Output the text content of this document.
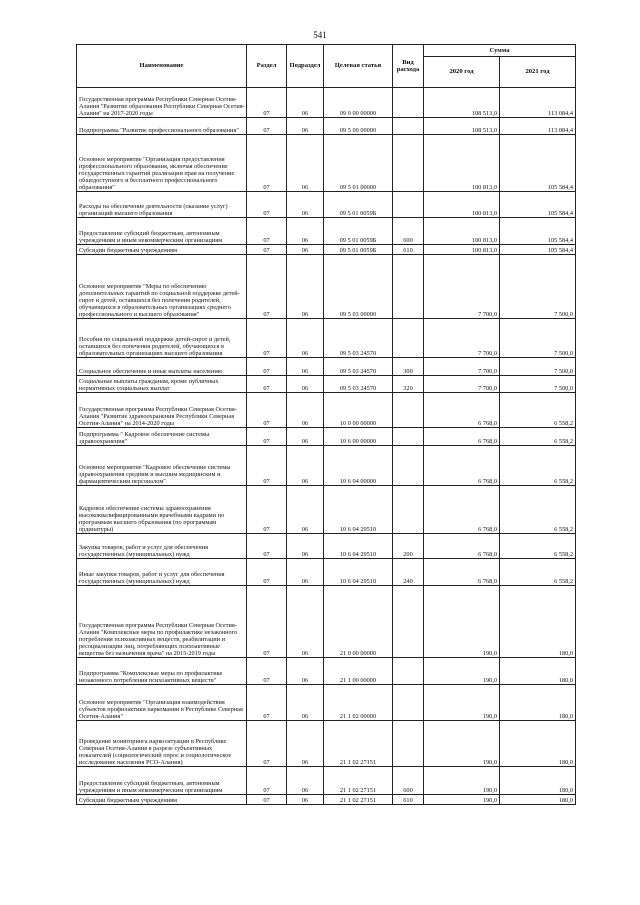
541
Наименование	Раздел	Подраздел	Целевая статья	Вид расхода	Сумма	
					2020 год	2021 год
Государственная программа Республики Северная Осетия-Алания "Развитие образования Республики Северная Осетия-Алания" на 2017-2020 годы	07	06	09 0 00 00000		108 513,0	113 084,4
Подпрограмма "Развитие профессионального образования"	07	06	09 5 00 00000		108 513,0	113 084,4
Основное мероприятие "Организация предоставления профессионального образования, включая обеспечение государственных гарантий реализации прав на получение общедоступного и бесплатного профессионального образования"	07	06	09 5 01 00000		100 813,0	105 584,4
Расходы на обеспечение деятельности (оказание услуг) организаций высшего образования	07	06	09 5 01 0059Б		100 813,0	105 584,4
Предоставление субсидий бюджетным, автономным учреждениям и иным некоммерческим организациям	07	06	09 5 01 0059Б	600	100 813,0	105 584,4
Субсидии бюджетным учреждениям	07	06	09 5 01 0059Б	610	100 813,0	105 584,4
Основное мероприятие "Меры по обеспечению дополнительных гарантий по социальной поддержке детей-сирот и детей, оставшихся без попечения родителей, обучающихся в образовательных организациях среднего профессионального и высшего образования"	07	06	09 5 03 00000		7 700,0	7 500,0
Пособия по социальной поддержке детей-сирот и детей, оставшихся без попечения родителей, обучающихся в образовательных организациях высшего образования	07	06	09 5 03 24570		7 700,0	7 500,0
Социальное обеспечение и иные выплаты населению	07	06	09 5 03 24570	300	7 700,0	7 500,0
Социальные выплаты гражданам, кроме публичных нормативных социальных выплат	07	06	09 5 03 24570	320	7 700,0	7 500,0
Государственная программа Республики Северная Осетия-Алания "Развитие здравоохранения Республики Северная Осетия-Алания" на 2014-2020 годы	07	06	10 0 00 00000		6 768,0	6 558,2
Подпрограмма " Кадровое обеспечение системы здравоохранения"	07	06	10 6 00 00000		6 768,0	6 558,2
Основное мероприятие "Кадровое обеспечение системы здравоохранения средним и высшим медицинским и фармацевтическим персоналом"	07	06	10 6 04 00000		6 768,0	6 558,2
Кадровое обеспечение системы здравоохранения высококвалифицированными врачебными кадрами по программам высшего образования (по программам ординатуры)	07	06	10 6 04 29510		6 768,0	6 558,2
Закупка товаров, работ и услуг для обеспечения государственных (муниципальных) нужд	07	06	10 6 04 29510	200	6 768,0	6 558,2
Иные закупки товаров, работ и услуг для обеспечения государственных (муниципальных) нужд	07	06	10 6 04 29510	240	6 768,0	6 558,2
Государственная программа Республики Северная Осетия-Алания "Комплексные меры по профилактике незаконного потребления психоактивных веществ, реабилитации и ресоциализации лиц, потребляющих психоактивные вещества без назначения врача" на 2015-2019 годы	07	06	21 0 00 00000		190,0	180,0
Подпрограмма "Комплексные меры по профилактике незаконного потребления психоактивных веществ"	07	06	21 1 00 00000		190,0	180,0
Основное мероприятие "Организация взаимодействия субъектов профилактики наркомании в Республике Северная Осетия-Алания"	07	06	21 1 02 00000		190,0	180,0
Проведение мониторинга наркоситуации в Республике Северная Осетия-Алания в разрезе субъективных показателей (социологический опрос и социологическое исследование населения РСО-Алания)	07	06	21 1 02 27151		190,0	180,0
Предоставление субсидий бюджетным, автономным учреждениям и иным некоммерческим организациям	07	06	21 1 02 27151	600	190,0	180,0
Субсидии бюджетным учреждениям	07	06	21 1 02 27151	610	190,0	180,0
